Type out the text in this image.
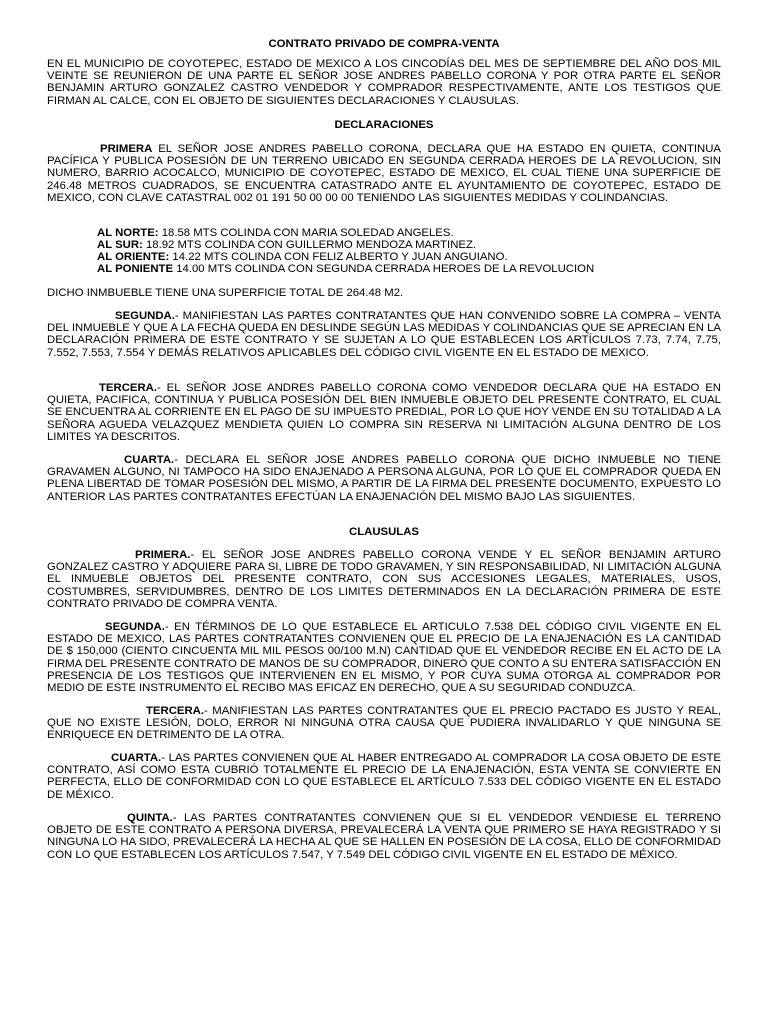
CONTRATO PRIVADO DE COMPRA-VENTA
EN EL MUNICIPIO DE COYOTEPEC, ESTADO DE MEXICO A LOS CINCODÍAS DEL MES DE SEPTIEMBRE DEL AÑO DOS MIL VEINTE SE REUNIERON DE UNA PARTE EL SEÑOR JOSE ANDRES PABELLO CORONA Y POR OTRA PARTE EL SEÑOR BENJAMIN ARTURO GONZALEZ CASTRO VENDEDOR Y COMPRADOR RESPECTIVAMENTE, ANTE LOS TESTIGOS QUE FIRMAN AL CALCE, CON EL OBJETO DE SIGUIENTES DECLARACIONES Y CLAUSULAS.
DECLARACIONES
PRIMERA EL SEÑOR JOSE ANDRES PABELLO CORONA, DECLARA QUE HA ESTADO EN QUIETA, CONTINUA PACÍFICA Y PUBLICA POSESIÓN DE UN TERRENO UBICADO EN SEGUNDA CERRADA HEROES DE LA REVOLUCION, SIN NUMERO, BARRIO ACOCALCO, MUNICIPIO DE COYOTEPEC, ESTADO DE MEXICO, EL CUAL TIENE UNA SUPERFICIE DE 246.48 METROS CUADRADOS, SE ENCUENTRA CATASTRADO ANTE EL AYUNTAMIENTO DE COYOTEPEC, ESTADO DE MEXICO, CON CLAVE CATASTRAL 002 01 191 50 00 00 00 TENIENDO LAS SIGUIENTES MEDIDAS Y COLINDANCIAS.
AL NORTE: 18.58 MTS COLINDA CON MARIA SOLEDAD ANGELES.
AL SUR: 18.92 MTS COLINDA CON GUILLERMO MENDOZA MARTINEZ.
AL ORIENTE: 14.22 MTS COLINDA CON FELIZ ALBERTO Y JUAN ANGUIANO.
AL PONIENTE 14.00 MTS COLINDA CON SEGUNDA CERRADA HEROES DE LA REVOLUCION
DICHO INMBUEBLE TIENE UNA SUPERFICIE TOTAL DE 264.48 M2.
SEGUNDA.- MANIFIESTAN LAS PARTES CONTRATANTES QUE HAN CONVENIDO SOBRE LA COMPRA – VENTA DEL INMUEBLE Y QUE A LA FECHA QUEDA EN DESLINDE SEGÚN LAS MEDIDAS Y COLINDANCIAS QUE SE APRECIAN EN LA DECLARACIÓN PRIMERA DE ESTE CONTRATO Y SE SUJETAN A LO QUE ESTABLECEN LOS ARTÍCULOS 7.73, 7.74, 7.75, 7.552, 7.553, 7.554 Y DEMÁS RELATIVOS APLICABLES DEL CÓDIGO CIVIL VIGENTE EN EL ESTADO DE MEXICO.
TERCERA.- EL SEÑOR JOSE ANDRES PABELLO CORONA COMO VENDEDOR DECLARA QUE HA ESTADO EN QUIETA, PACIFICA, CONTINUA Y PUBLICA POSESIÓN DEL BIEN INMUEBLE OBJETO DEL PRESENTE CONTRATO, EL CUAL SE ENCUENTRA AL CORRIENTE EN EL PAGO DE SU IMPUESTO PREDIAL, POR LO QUE HOY VENDE EN SU TOTALIDAD A LA SEÑORA AGUEDA VELAZQUEZ MENDIETA QUIEN LO COMPRA SIN RESERVA NI LIMITACIÓN ALGUNA DENTRO DE LOS LIMITES YA DESCRITOS.
CUARTA.- DECLARA EL SEÑOR JOSE ANDRES PABELLO CORONA QUE DICHO INMUEBLE NO TIENE GRAVAMEN ALGUNO, NI TAMPOCO HA SIDO ENAJENADO A PERSONA ALGUNA, POR LO QUE EL COMPRADOR QUEDA EN PLENA LIBERTAD DE TOMAR POSESIÓN DEL MISMO, A PARTIR DE LA FIRMA DEL PRESENTE DOCUMENTO, EXPUESTO LO ANTERIOR LAS PARTES CONTRATANTES EFECTÚAN LA ENAJENACIÓN DEL MISMO BAJO LAS SIGUIENTES.
CLAUSULAS
PRIMERA.- EL SEÑOR JOSE ANDRES PABELLO CORONA VENDE Y EL SEÑOR BENJAMIN ARTURO GONZALEZ CASTRO Y ADQUIERE PARA SI, LIBRE DE TODO GRAVAMEN, Y SIN RESPONSABILIDAD, NI LIMITACIÓN ALGUNA EL INMUEBLE OBJETOS DEL PRESENTE CONTRATO, CON SUS ACCESIONES LEGALES, MATERIALES, USOS, COSTUMBRES, SERVIDUMBRES, DENTRO DE LOS LIMITES DETERMINADOS EN LA DECLARACIÓN PRIMERA DE ESTE CONTRATO PRIVADO DE COMPRA VENTA.
SEGUNDA.- EN TÉRMINOS DE LO QUE ESTABLECE EL ARTICULO 7.538 DEL CÓDIGO CIVIL VIGENTE EN EL ESTADO DE MEXICO, LAS PARTES CONTRATANTES CONVIENEN QUE EL PRECIO DE LA ENAJENACIÓN ES LA CANTIDAD DE $ 150,000 (CIENTO CINCUENTA MIL MIL PESOS 00/100 M.N) CANTIDAD QUE EL VENDEDOR RECIBE EN EL ACTO DE LA FIRMA DEL PRESENTE CONTRATO DE MANOS DE SU COMPRADOR, DINERO QUE CONTO A SU ENTERA SATISFACCIÓN EN PRESENCIA DE LOS TESTIGOS QUE INTERVIENEN EN EL MISMO, Y POR CUYA SUMA OTORGA AL COMPRADOR POR MEDIO DE ESTE INSTRUMENTO EL RECIBO MAS EFICAZ EN DERECHO, QUE A SU SEGURIDAD CONDUZCA.
TERCERA.- MANIFIESTAN LAS PARTES CONTRATANTES QUE EL PRECIO PACTADO ES JUSTO Y REAL, QUE NO EXISTE LESIÓN, DOLO, ERROR NI NINGUNA OTRA CAUSA QUE PUDIERA INVALIDARLO Y QUE NINGUNA SE ENRIQUECE EN DETRIMENTO DE LA OTRA.
CUARTA.- LAS PARTES CONVIENEN QUE AL HABER ENTREGADO AL COMPRADOR LA COSA OBJETO DE ESTE CONTRATO, ASÍ COMO ESTA CUBRIÓ TOTALMENTE EL PRECIO DE LA ENAJENACIÓN, ESTA VENTA SE CONVIERTE EN PERFECTA, ELLO DE CONFORMIDAD CON LO QUE ESTABLECE EL ARTÍCULO 7.533 DEL CÓDIGO VIGENTE EN EL ESTADO DE MÉXICO.
QUINTA.- LAS PARTES CONTRATANTES CONVIENEN QUE SI EL VENDEDOR VENDIESE EL TERRENO OBJETO DE ESTE CONTRATO A PERSONA DIVERSA, PREVALECERÁ LA VENTA QUE PRIMERO SE HAYA REGISTRADO Y SI NINGUNA LO HA SIDO, PREVALECERÁ LA HECHA AL QUE SE HALLEN EN POSESIÓN DE LA COSA, ELLO DE CONFORMIDAD CON LO QUE ESTABLECEN LOS ARTÍCULOS 7.547, Y 7.549 DEL CÓDIGO CIVIL VIGENTE EN EL ESTADO DE MÉXICO.
